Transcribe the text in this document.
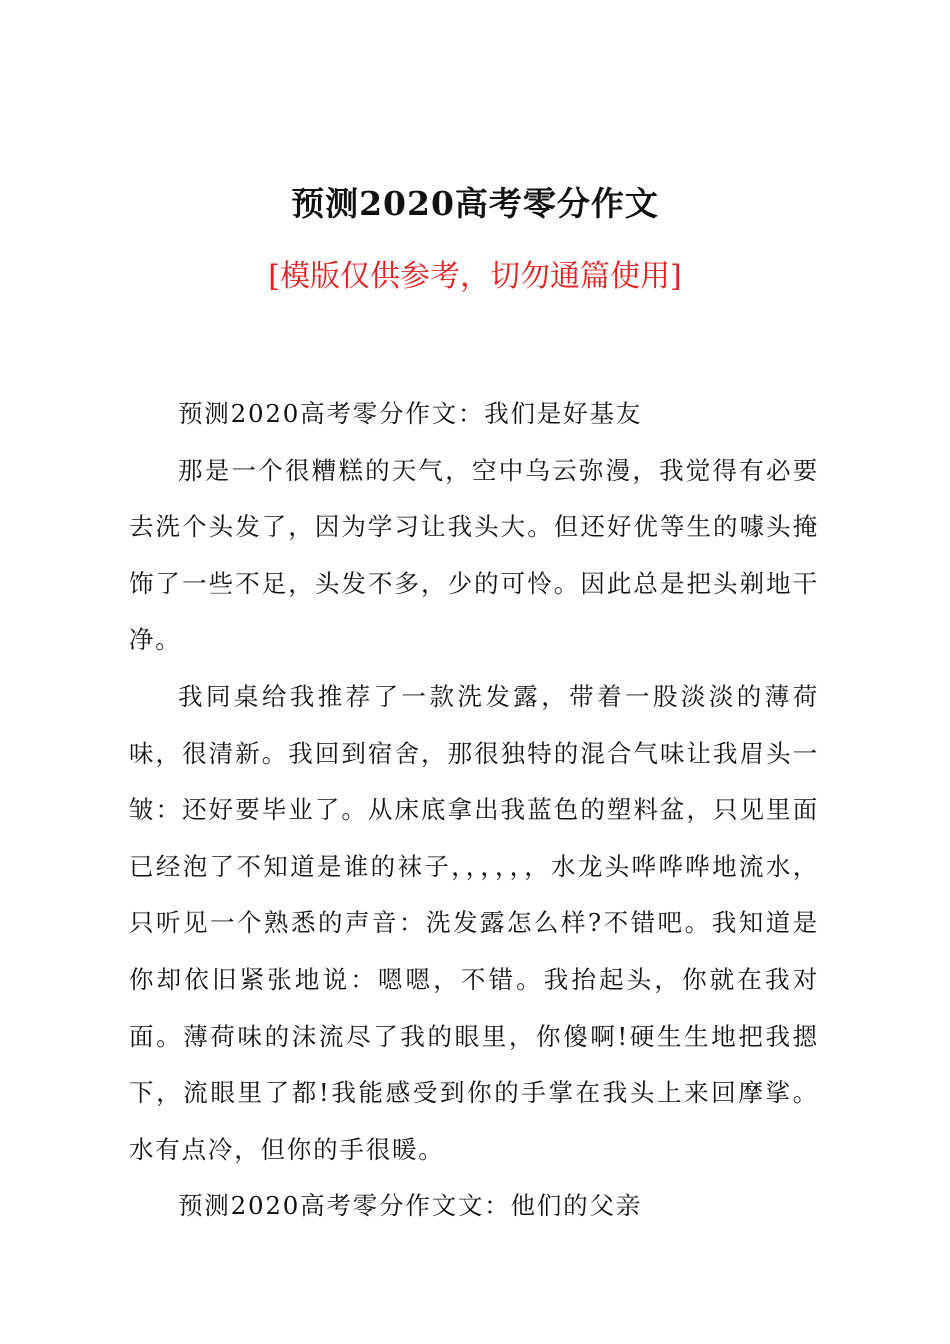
预测2020高考零分作文
[模版仅供参考，切勿通篇使用]

预测2020高考零分作文：我们是好基友

那是一个很糟糕的天气，空中乌云弥漫，我觉得有必要去洗个头发了，因为学习让我头大。但还好优等生的噱头掩饰了一些不足，头发不多，少的可怜。因此总是把头剃地干净。

我同桌给我推荐了一款洗发露，带着一股淡淡的薄荷味，很清新。我回到宿舍，那很独特的混合气味让我眉头一皱：还好要毕业了。从床底拿出我蓝色的塑料盆，只见里面已经泡了不知道是谁的袜子，，，，，，水龙头哗哗哗地流水，只听见一个熟悉的声音：洗发露怎么样?不错吧。我知道是你却依旧紧张地说：嗯嗯，不错。我抬起头，你就在我对面。薄荷味的沫流尽了我的眼里，你傻啊!硬生生地把我摁下，流眼里了都!我能感受到你的手掌在我头上来回摩挲。水有点冷，但你的手很暖。

预测2020高考零分作文文：他们的父亲
